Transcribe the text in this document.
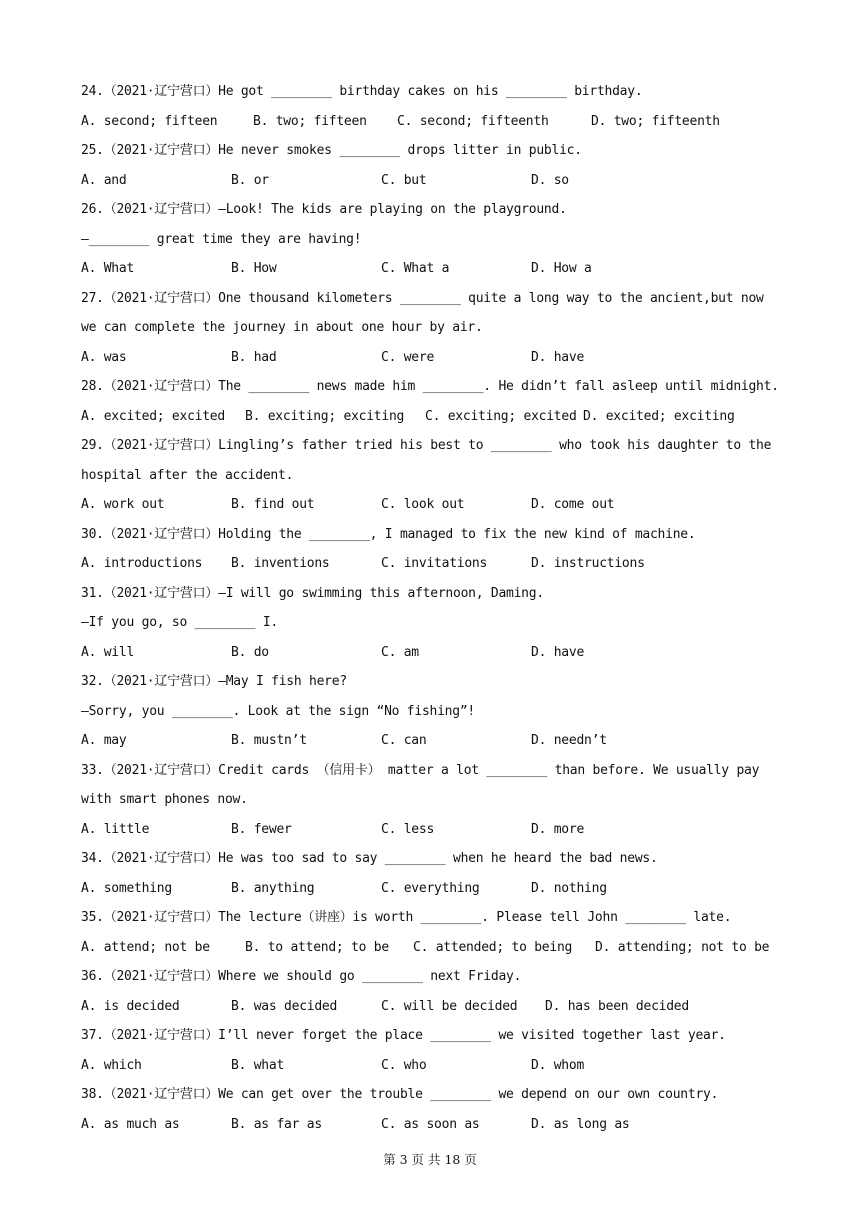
24.（2021·辽宁营口）He got ________ birthday cakes on his ________ birthday.
A. second; fifteen	B. two; fifteen C. second; fifteenth	D. two; fifteenth
25.（2021·辽宁营口）He never smokes ________ drops litter in public.
A. and	B. or	C. but	D. so
26.（2021·辽宁营口）—Look! The kids are playing on the playground.
—________ great time they are having!
A. What	B. How	C. What a	D. How a
27.（2021·辽宁营口）One thousand kilometers ________ quite a long way to the ancient,but now
we can complete the journey in about one hour by air.
A. was	B. had	C. were	D. have
28.（2021·辽宁营口）The ________ news made him ________. He didn’t fall asleep until midnight.
A. excited; excited B. exciting; exciting C. exciting; excited D. excited; exciting
29.（2021·辽宁营口）Lingling’s father tried his best to ________ who took his daughter to the
hospital after the accident.
A. work out	B. find out	C. look out	D. come out
30.（2021·辽宁营口）Holding the ________, I managed to fix the new kind of machine.
A. introductions B. inventions	C. invitations	D. instructions
31.（2021·辽宁营口）—I will go swimming this afternoon, Daming.
—If you go, so ________ I.
A. will	B. do	C. am	D. have
32.（2021·辽宁营口）—May I fish here?
—Sorry, you ________. Look at the sign “No fishing”!
A. may	B. mustn’t	C. can	D. needn’t
33.（2021·辽宁营口）Credit cards （信用卡） matter a lot ________ than before. We usually pay
with smart phones now.
A. little	B. fewer	C. less	D. more
34.（2021·辽宁营口）He was too sad to say ________ when he heard the bad news.
A. something	B. anything	C. everything	D. nothing
35.（2021·辽宁营口）The lecture（讲座）is worth ________. Please tell John ________ late.
A. attend; not be	B. to attend; to be C. attended; to being D. attending; not to be
36.（2021·辽宁营口）Where we should go ________ next Friday.
A. is decided	B. was decided	C. will be decided D. has been decided
37.（2021·辽宁营口）I’ll never forget the place ________ we visited together last year.
A. which	B. what	C. who	D. whom
38.（2021·辽宁营口）We can get over the trouble ________ we depend on our own country.
A. as much as	B. as far as	C. as soon as	D. as long as
第 3 页 共 18 页
